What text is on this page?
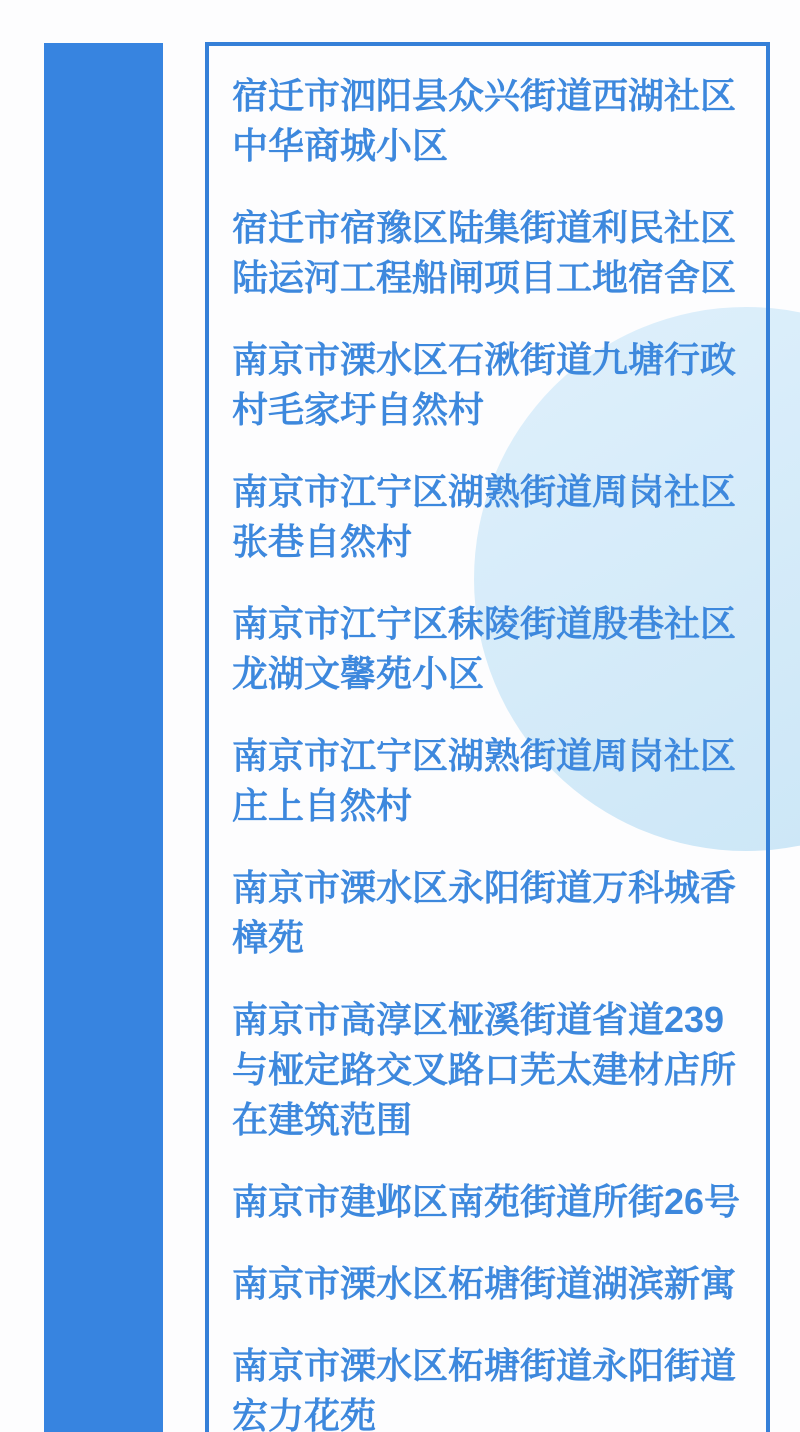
宿迁市泗阳县众兴街道西湖社区
中华商城小区

宿迁市宿豫区陆集街道利民社区
陆运河工程船闸项目工地宿舍区

南京市溧水区石湫街道九塘行政
村毛家圩自然村

南京市江宁区湖熟街道周岗社区
张巷自然村

南京市江宁区秣陵街道殷巷社区
龙湖文馨苑小区

南京市江宁区湖熟街道周岗社区
庄上自然村

南京市溧水区永阳街道万科城香
樟苑

南京市高淳区桠溪街道省道239
与桠定路交叉路口芜太建材店所
在建筑范围

南京市建邺区南苑街道所街26号

南京市溧水区柘塘街道湖滨新寓

南京市溧水区柘塘街道永阳街道
宏力花苑
